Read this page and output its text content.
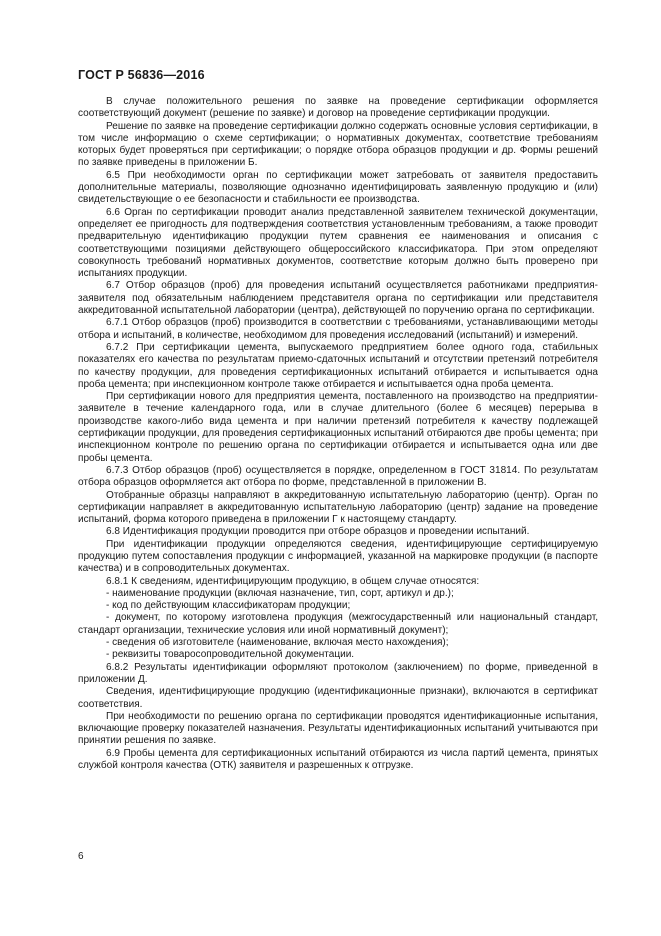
ГОСТ Р 56836—2016

В случае положительного решения по заявке на проведение сертификации оформляется соответствующий документ (решение по заявке) и договор на проведение сертификации продукции.

Решение по заявке на проведение сертификации должно содержать основные условия сертификации, в том числе информацию о схеме сертификации; о нормативных документах, соответствие требованиям которых будет проверяться при сертификации; о порядке отбора образцов продукции и др. Формы решений по заявке приведены в приложении Б.

6.5 При необходимости орган по сертификации может затребовать от заявителя предоставить дополнительные материалы, позволяющие однозначно идентифицировать заявленную продукцию и (или) свидетельствующие о ее безопасности и стабильности ее производства.

6.6 Орган по сертификации проводит анализ представленной заявителем технической документации, определяет ее пригодность для подтверждения соответствия установленным требованиям, а также проводит предварительную идентификацию продукции путем сравнения ее наименования и описания с соответствующими позициями действующего общероссийского классификатора. При этом определяют совокупность требований нормативных документов, соответствие которым должно быть проверено при испытаниях продукции.

6.7 Отбор образцов (проб) для проведения испытаний осуществляется работниками предприятия-заявителя под обязательным наблюдением представителя органа по сертификации или представителя аккредитованной испытательной лаборатории (центра), действующей по поручению органа по сертификации.

6.7.1 Отбор образцов (проб) производится в соответствии с требованиями, устанавливающими методы отбора и испытаний, в количестве, необходимом для проведения исследований (испытаний) и измерений.

6.7.2 При сертификации цемента, выпускаемого предприятием более одного года, стабильных показателях его качества по результатам приемо-сдаточных испытаний и отсутствии претензий потребителя по качеству продукции, для проведения сертификационных испытаний отбирается и испытывается одна проба цемента; при инспекционном контроле также отбирается и испытывается одна проба цемента.

При сертификации нового для предприятия цемента, поставленного на производство на предприятии-заявителе в течение календарного года, или в случае длительного (более 6 месяцев) перерыва в производстве какого-либо вида цемента и при наличии претензий потребителя к качеству подлежащей сертификации продукции, для проведения сертификационных испытаний отбираются две пробы цемента; при инспекционном контроле по решению органа по сертификации отбирается и испытывается одна или две пробы цемента.

6.7.3 Отбор образцов (проб) осуществляется в порядке, определенном в ГОСТ 31814. По результатам отбора образцов оформляется акт отбора по форме, представленной в приложении В.

Отобранные образцы направляют в аккредитованную испытательную лабораторию (центр). Орган по сертификации направляет в аккредитованную испытательную лабораторию (центр) задание на проведение испытаний, форма которого приведена в приложении Г к настоящему стандарту.

6.8 Идентификация продукции проводится при отборе образцов и проведении испытаний.

При идентификации продукции определяются сведения, идентифицирующие сертифицируемую продукцию путем сопоставления продукции с информацией, указанной на маркировке продукции (в паспорте качества) и в сопроводительных документах.

6.8.1 К сведениям, идентифицирующим продукцию, в общем случае относятся:

- наименование продукции (включая назначение, тип, сорт, артикул и др.);

- код по действующим классификаторам продукции;

- документ, по которому изготовлена продукция (межгосударственный или национальный стандарт, стандарт организации, технические условия или иной нормативный документ);

- сведения об изготовителе (наименование, включая место нахождения);

- реквизиты товаросопроводительной документации.

6.8.2 Результаты идентификации оформляют протоколом (заключением) по форме, приведенной в приложении Д.

Сведения, идентифицирующие продукцию (идентификационные признаки), включаются в сертификат соответствия.

При необходимости по решению органа по сертификации проводятся идентификационные испытания, включающие проверку показателей назначения. Результаты идентификационных испытаний учитываются при принятии решения по заявке.

6.9 Пробы цемента для сертификационных испытаний отбираются из числа партий цемента, принятых службой контроля качества (ОТК) заявителя и разрешенных к отгрузке.

6
